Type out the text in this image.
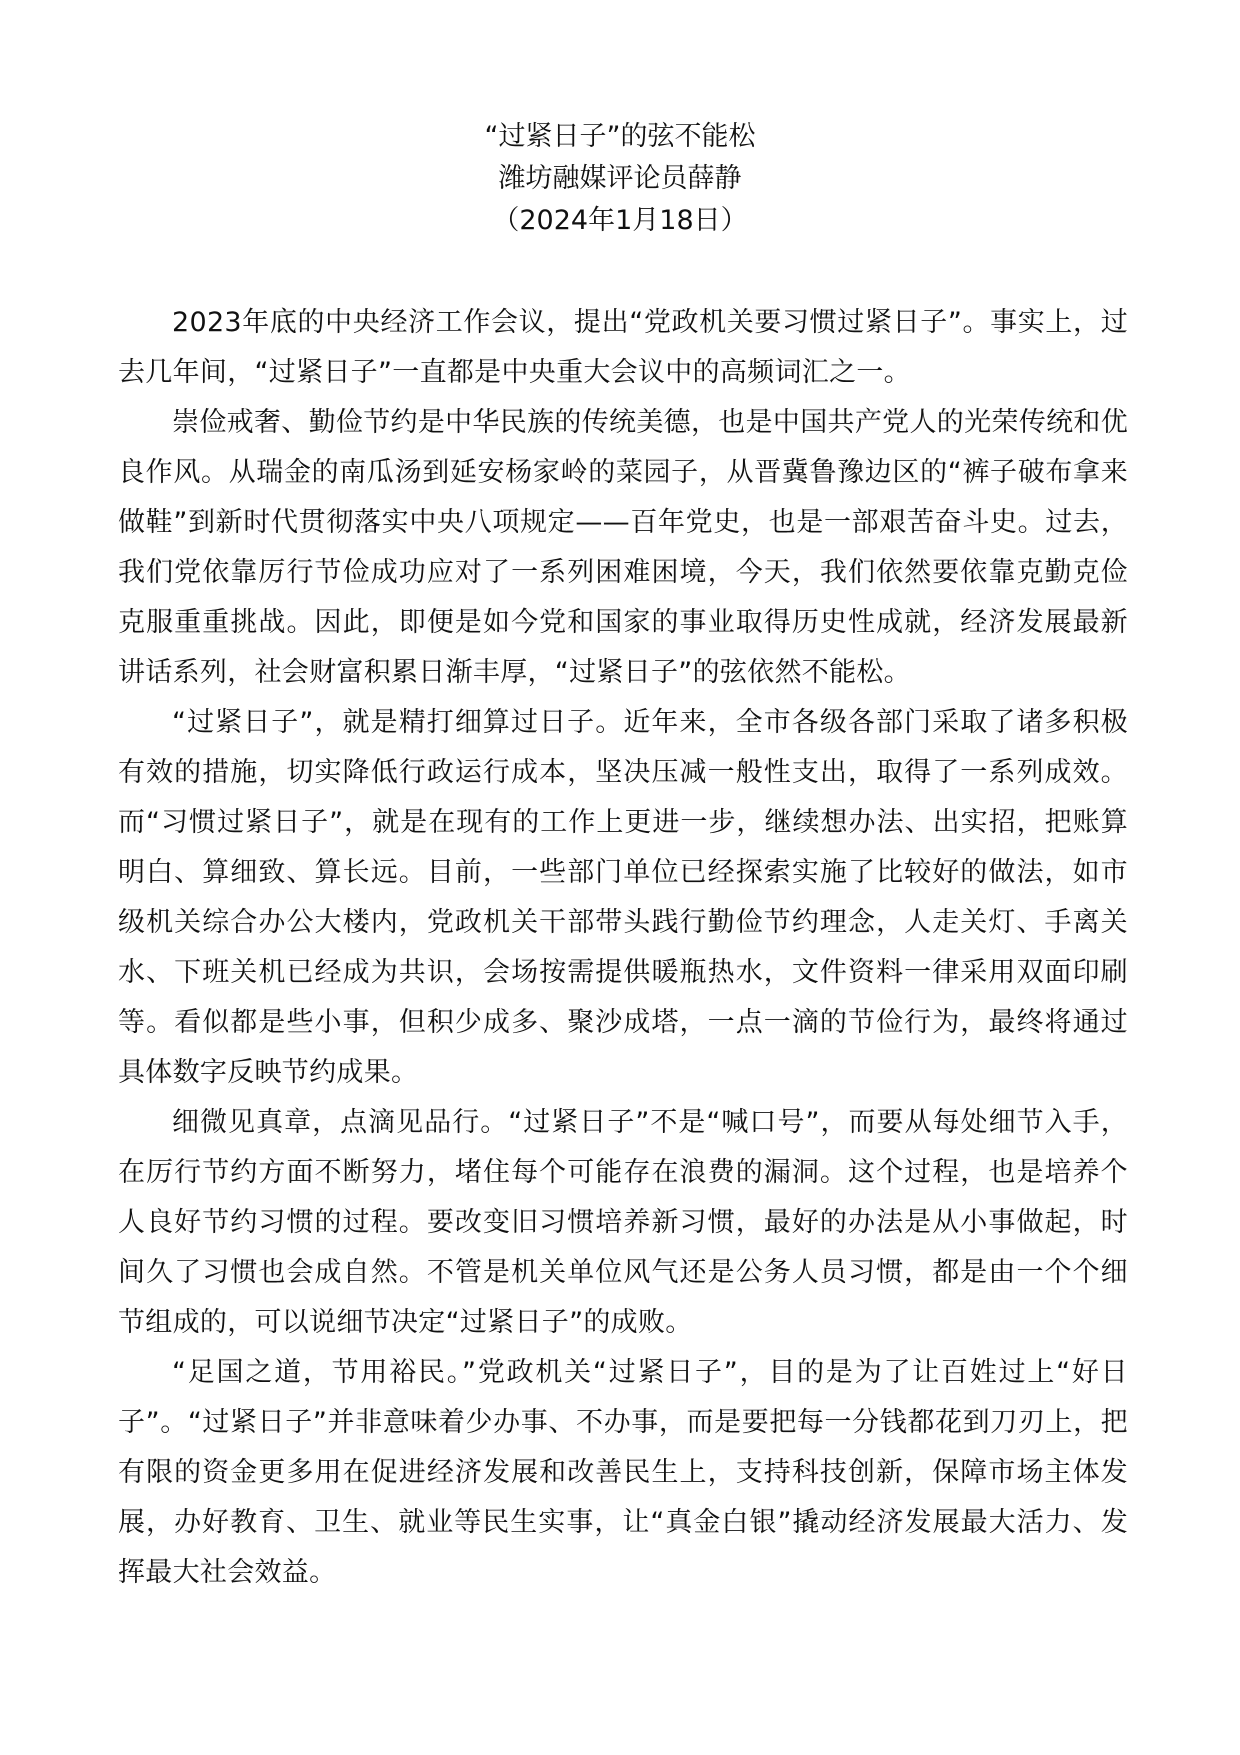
“过紧日子”的弦不能松
潍坊融媒评论员薛静
（2024年1月18日）

2023年底的中央经济工作会议，提出“党政机关要习惯过紧日子”。事实上，过去几年间，“过紧日子”一直都是中央重大会议中的高频词汇之一。

崇俭戒奢、勤俭节约是中华民族的传统美德，也是中国共产党人的光荣传统和优良作风。从瑞金的南瓜汤到延安杨家岭的菜园子，从晋冀鲁豫边区的“裤子破布拿来做鞋”到新时代贯彻落实中央八项规定——百年党史，也是一部艰苦奋斗史。过去，我们党依靠厉行节俭成功应对了一系列困难困境，今天，我们依然要依靠克勤克俭克服重重挑战。因此，即便是如今党和国家的事业取得历史性成就，经济发展最新讲话系列，社会财富积累日渐丰厚，“过紧日子”的弦依然不能松。

“过紧日子”，就是精打细算过日子。近年来，全市各级各部门采取了诸多积极有效的措施，切实降低行政运行成本，坚决压减一般性支出，取得了一系列成效。而“习惯过紧日子”，就是在现有的工作上更进一步，继续想办法、出实招，把账算明白、算细致、算长远。目前，一些部门单位已经探索实施了比较好的做法，如市级机关综合办公大楼内，党政机关干部带头践行勤俭节约理念，人走关灯、手离关水、下班关机已经成为共识，会场按需提供暖瓶热水，文件资料一律采用双面印刷等。看似都是些小事，但积少成多、聚沙成塔，一点一滴的节俭行为，最终将通过具体数字反映节约成果。

细微见真章，点滴见品行。“过紧日子”不是“喊口号”，而要从每处细节入手，在厉行节约方面不断努力，堵住每个可能存在浪费的漏洞。这个过程，也是培养个人良好节约习惯的过程。要改变旧习惯培养新习惯，最好的办法是从小事做起，时间久了习惯也会成自然。不管是机关单位风气还是公务人员习惯，都是由一个个细节组成的，可以说细节决定“过紧日子”的成败。

“足国之道，节用裕民。”党政机关“过紧日子”，目的是为了让百姓过上“好日子”。“过紧日子”并非意味着少办事、不办事，而是要把每一分钱都花到刀刃上，把有限的资金更多用在促进经济发展和改善民生上，支持科技创新，保障市场主体发展，办好教育、卫生、就业等民生实事，让“真金白银”撬动经济发展最大活力、发挥最大社会效益。
